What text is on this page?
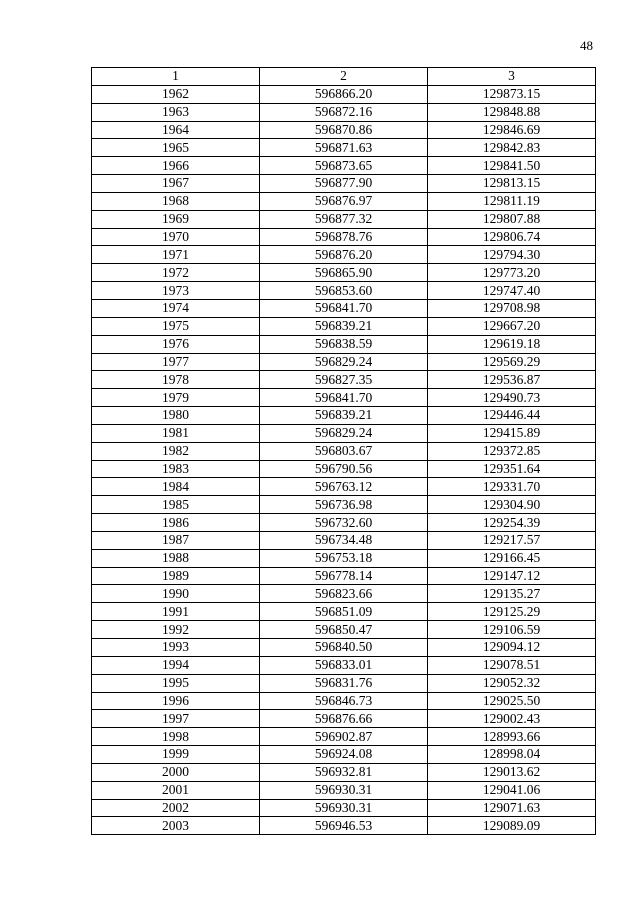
48
1	2	3
1962	596866.20	129873.15
1963	596872.16	129848.88
1964	596870.86	129846.69
1965	596871.63	129842.83
1966	596873.65	129841.50
1967	596877.90	129813.15
1968	596876.97	129811.19
1969	596877.32	129807.88
1970	596878.76	129806.74
1971	596876.20	129794.30
1972	596865.90	129773.20
1973	596853.60	129747.40
1974	596841.70	129708.98
1975	596839.21	129667.20
1976	596838.59	129619.18
1977	596829.24	129569.29
1978	596827.35	129536.87
1979	596841.70	129490.73
1980	596839.21	129446.44
1981	596829.24	129415.89
1982	596803.67	129372.85
1983	596790.56	129351.64
1984	596763.12	129331.70
1985	596736.98	129304.90
1986	596732.60	129254.39
1987	596734.48	129217.57
1988	596753.18	129166.45
1989	596778.14	129147.12
1990	596823.66	129135.27
1991	596851.09	129125.29
1992	596850.47	129106.59
1993	596840.50	129094.12
1994	596833.01	129078.51
1995	596831.76	129052.32
1996	596846.73	129025.50
1997	596876.66	129002.43
1998	596902.87	128993.66
1999	596924.08	128998.04
2000	596932.81	129013.62
2001	596930.31	129041.06
2002	596930.31	129071.63
2003	596946.53	129089.09
